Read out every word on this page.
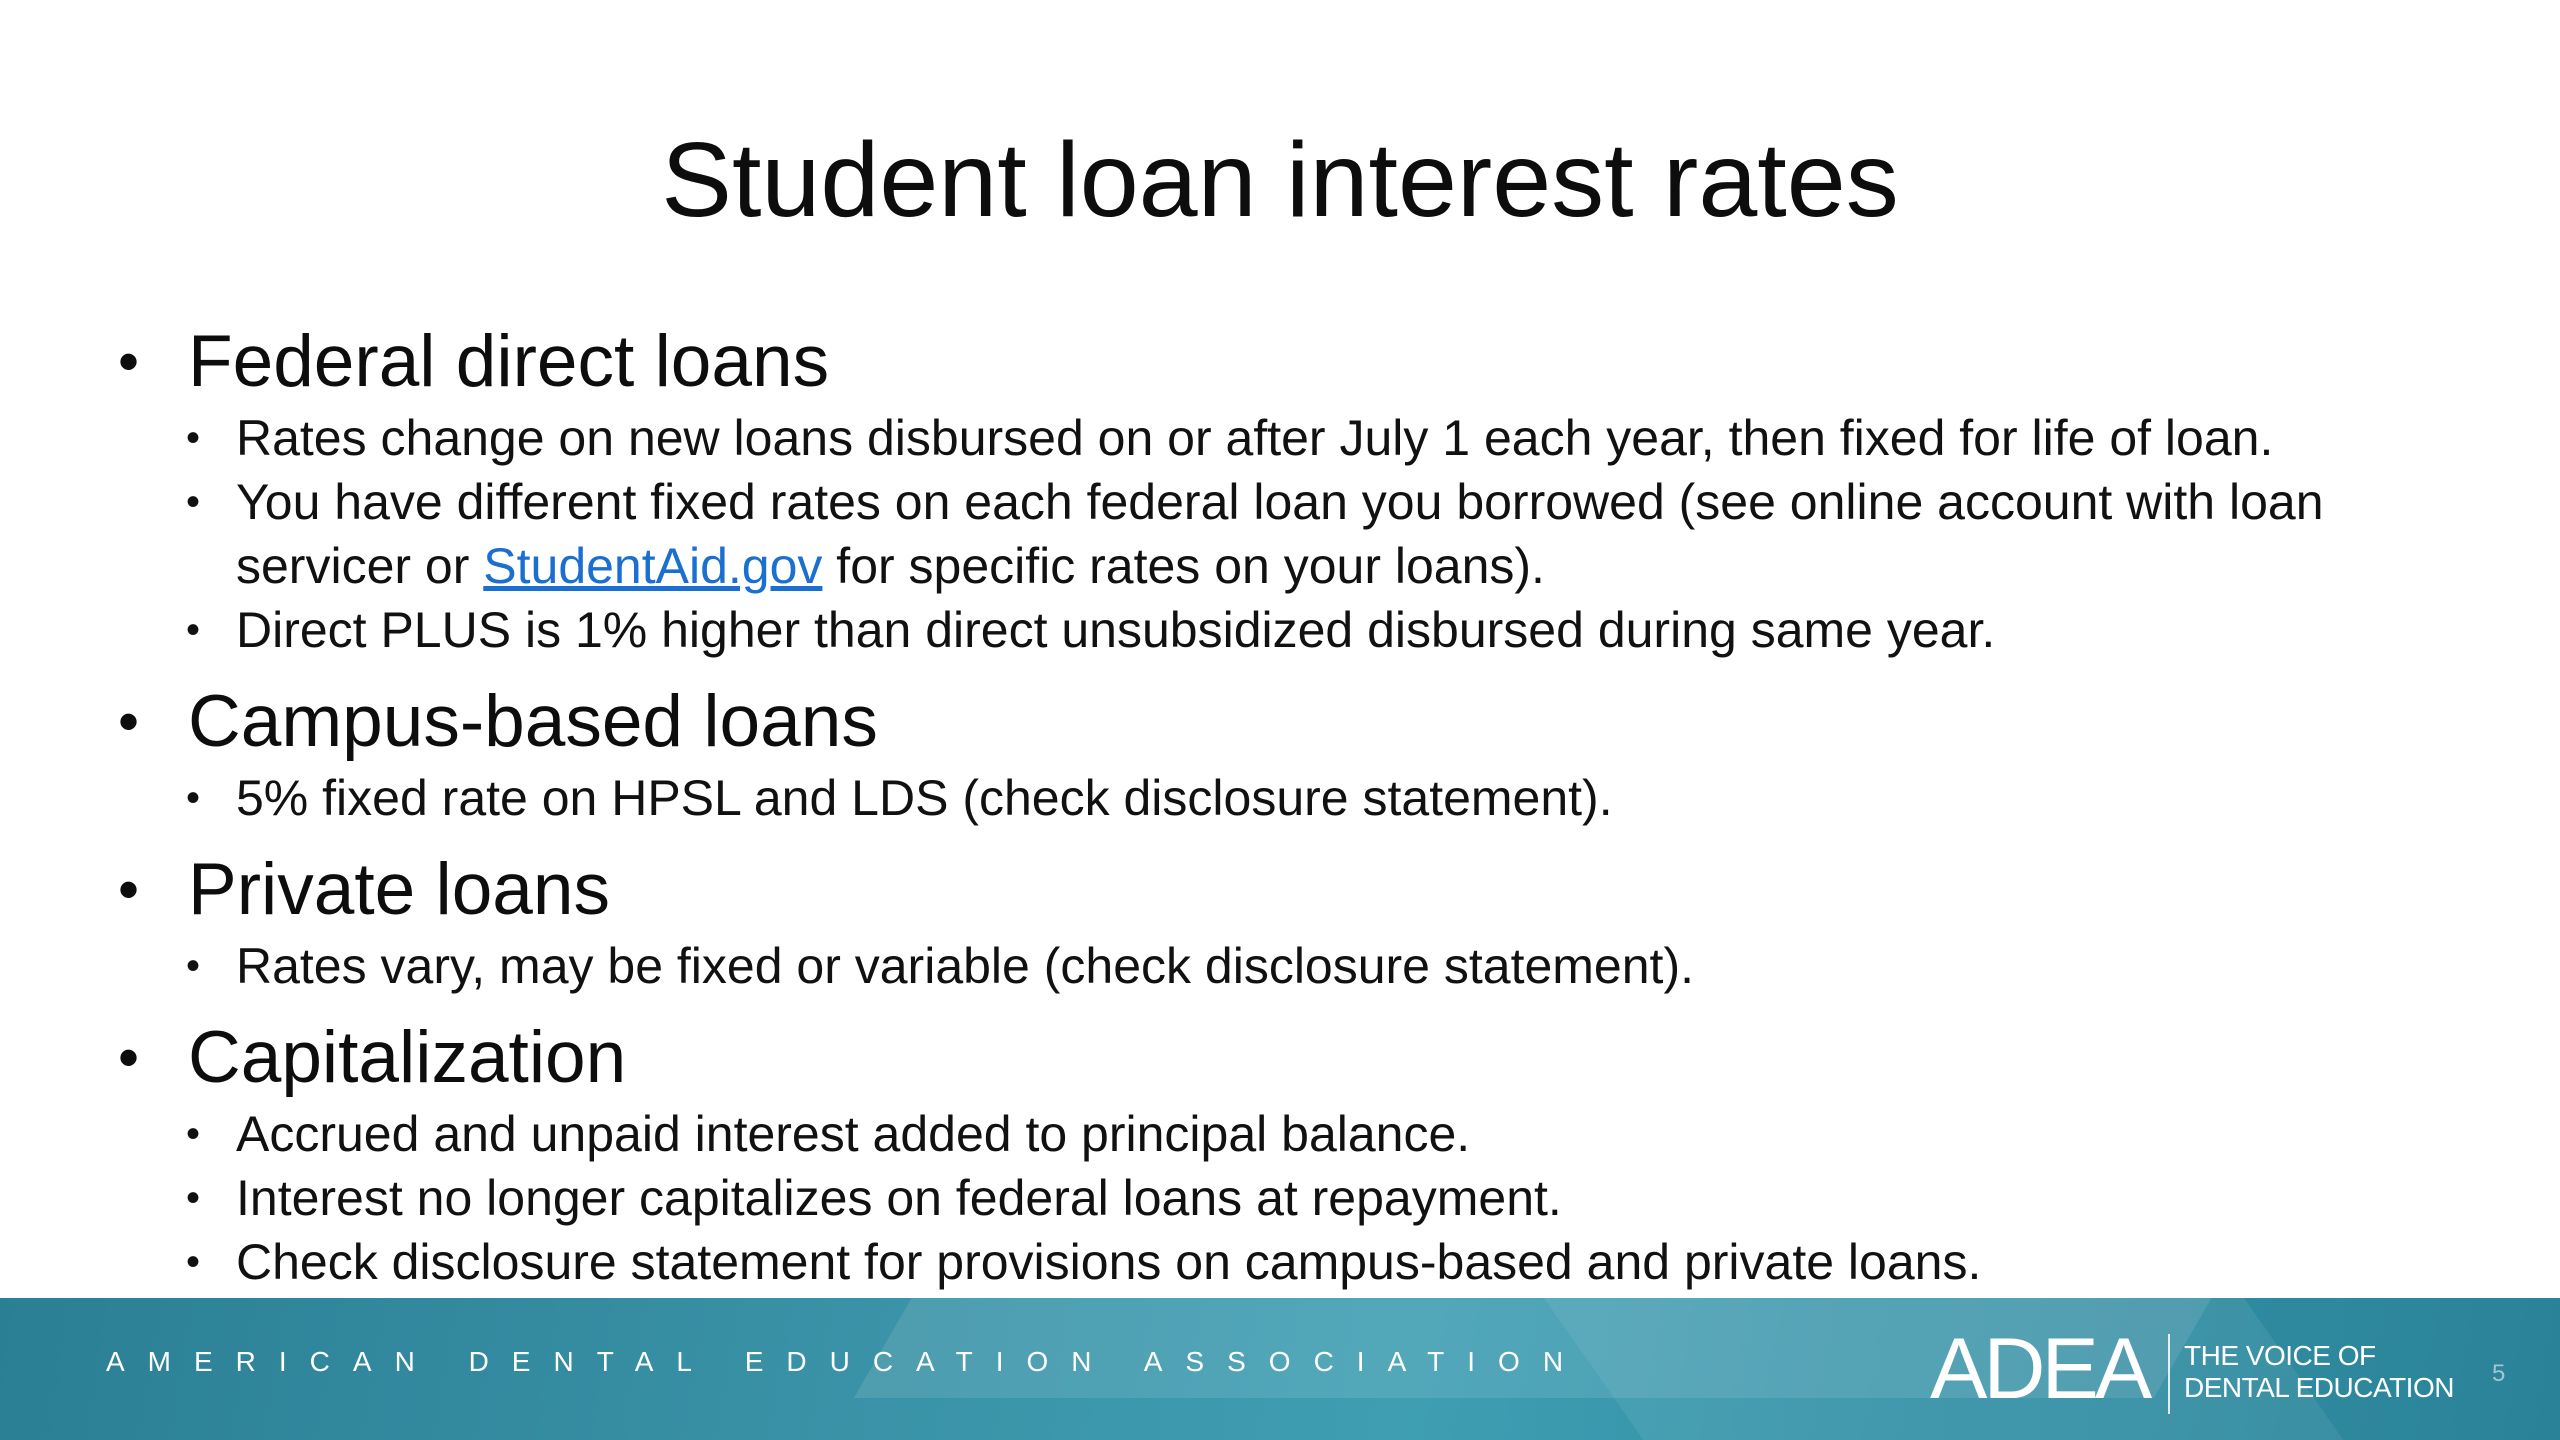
Student loan interest rates
• Federal direct loans
• Rates change on new loans disbursed on or after July 1 each year, then fixed for life of loan.
• You have different fixed rates on each federal loan you borrowed (see online account with loan servicer or StudentAid.gov for specific rates on your loans).
• Direct PLUS is 1% higher than direct unsubsidized disbursed during same year.
• Campus-based loans
• 5% fixed rate on HPSL and LDS (check disclosure statement).
• Private loans
• Rates vary, may be fixed or variable (check disclosure statement).
• Capitalization
• Accrued and unpaid interest added to principal balance.
• Interest no longer capitalizes on federal loans at repayment.
• Check disclosure statement for provisions on campus-based and private loans.
AMERICAN DENTAL EDUCATION ASSOCIATION	ADEA THE VOICE OF
DENTAL EDUCATION 5
